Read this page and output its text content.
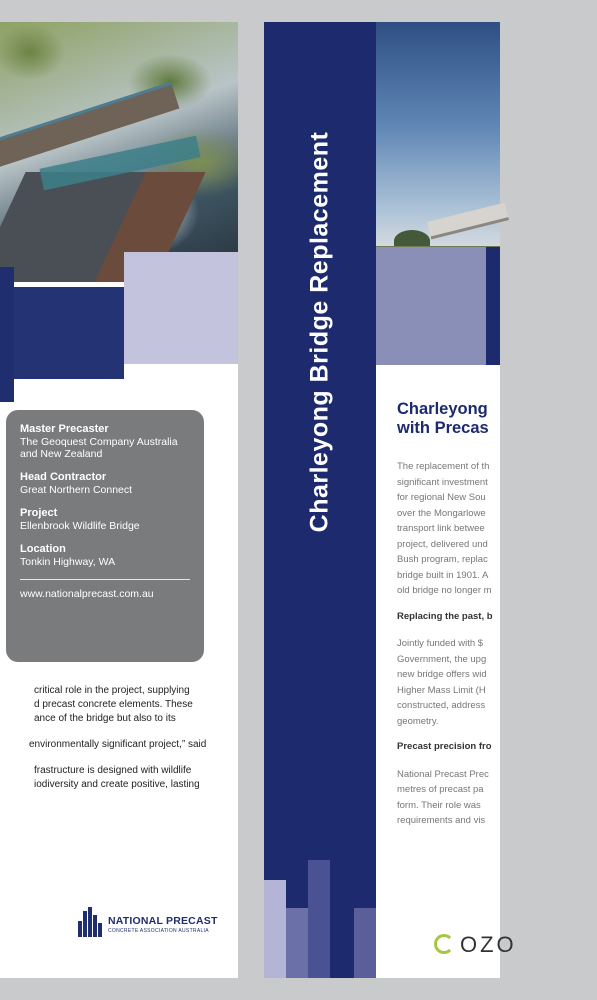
Master Precaster
The Geoquest Company Australia and New Zealand
Head Contractor
Great Northern Connect
Project
Ellenbrook Wildlife Bridge
Location
Tonkin Highway, WA
www.nationalprecast.com.au

critical role in the project, supplying
d precast concrete elements. These
ance of the bridge but also to its

environmentally significant project,” said

frastructure is designed with wildlife
iodiversity and create positive, lasting

NATIONAL PRECAST
CONCRETE ASSOCIATION AUSTRALIA
Charleyong Bridge Replacement	Charleyong
with Precas

The replacement of th
significant investment
for regional New Sou
over the Mongarlowe
transport link betwee
project, delivered und
Bush program, replac
bridge built in 1901. A
old bridge no longer m

Replacing the past, b

Jointly funded with $
Government, the upg
new bridge offers wid
Higher Mass Limit (H
constructed, address
geometry.

Precast precision fro

National Precast Prec
metres of precast pa
form. Their role was
requirements and vis

OZO
